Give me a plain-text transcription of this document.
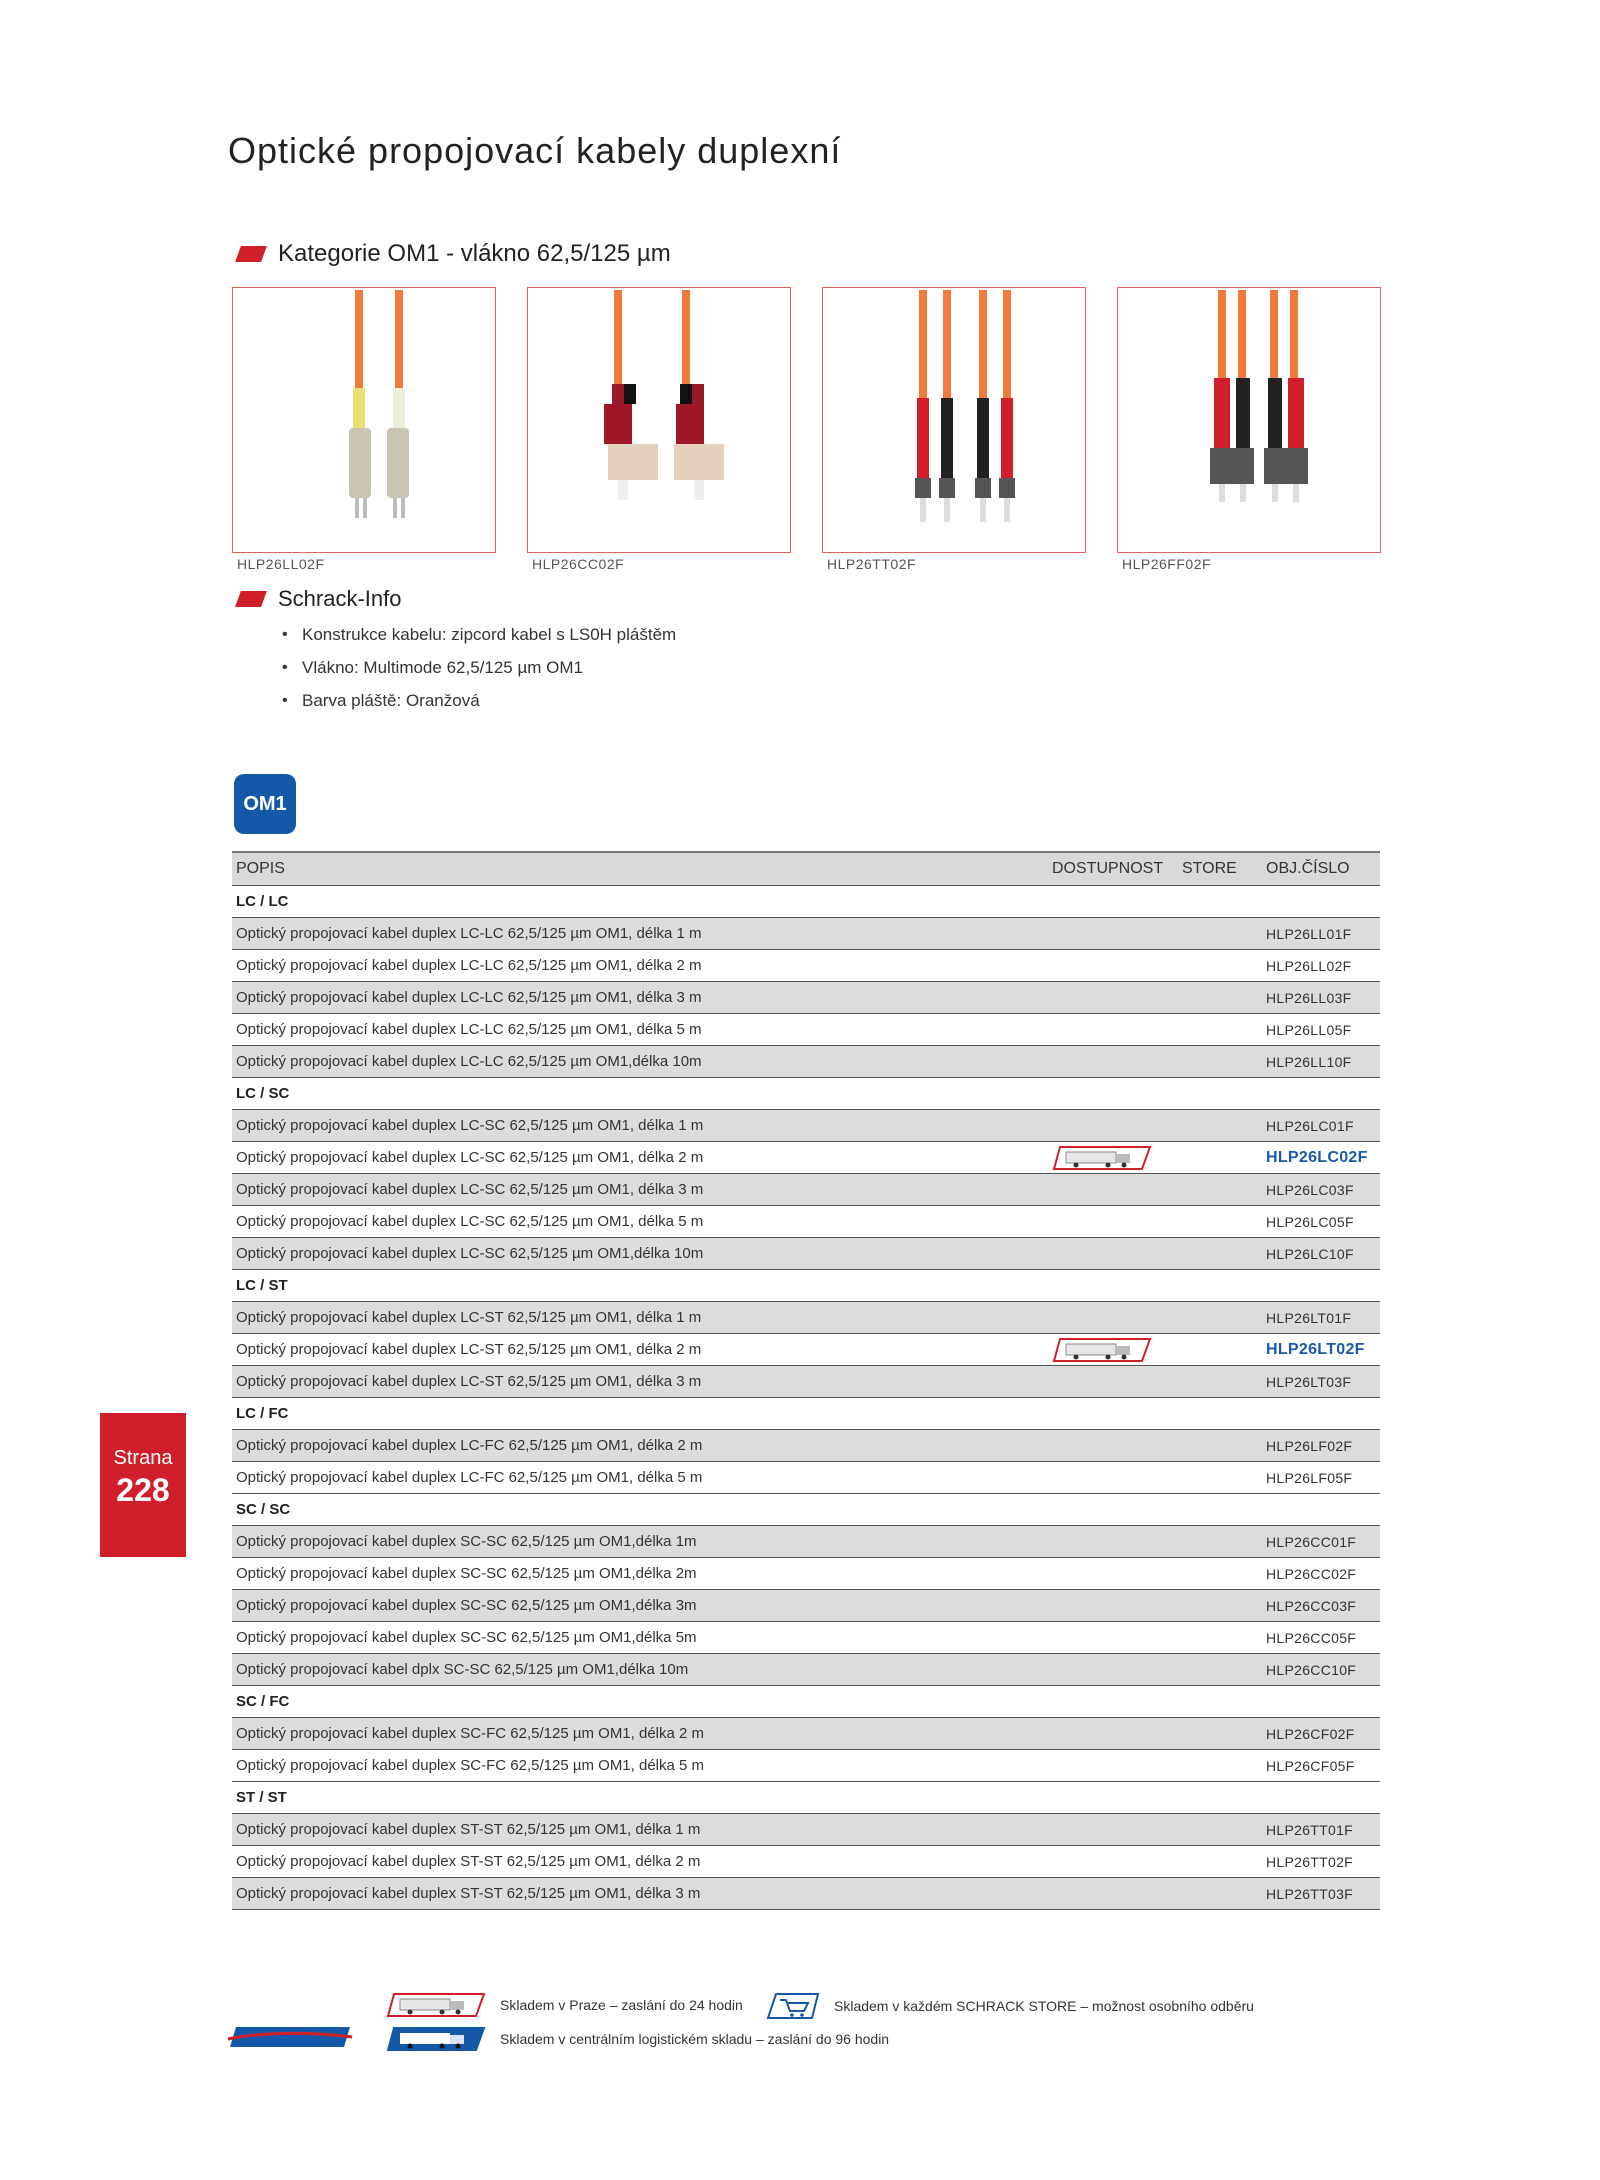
Optické propojovací kabely duplexní
Kategorie OM1 - vlákno 62,5/125 µm
HLP26LL02F	HLP26CC02F	HLP26TT02F	HLP26FF02F
Schrack-Info
• Konstrukce kabelu: zipcord kabel s LS0H pláštěm
• Vlákno: Multimode 62,5/125 µm OM1
• Barva pláště: Oranžová
OM1
POPIS	DOSTUPNOST	STORE	OBJ.ČÍSLO
LC / LC			
Optický propojovací kabel duplex LC-LC 62,5/125 µm OM1, délka 1 m			HLP26LL01F
Optický propojovací kabel duplex LC-LC 62,5/125 µm OM1, délka 2 m			HLP26LL02F
Optický propojovací kabel duplex LC-LC 62,5/125 µm OM1, délka 3 m			HLP26LL03F
Optický propojovací kabel duplex LC-LC 62,5/125 µm OM1, délka 5 m			HLP26LL05F
Optický propojovací kabel duplex LC-LC 62,5/125 µm OM1,délka 10m			HLP26LL10F
LC / SC			
Optický propojovací kabel duplex LC-SC 62,5/125 µm OM1, délka 1 m			HLP26LC01F
Optický propojovací kabel duplex LC-SC 62,5/125 µm OM1, délka 2 m			HLP26LC02F
Optický propojovací kabel duplex LC-SC 62,5/125 µm OM1, délka 3 m			HLP26LC03F
Optický propojovací kabel duplex LC-SC 62,5/125 µm OM1, délka 5 m			HLP26LC05F
Optický propojovací kabel duplex LC-SC 62,5/125 µm OM1,délka 10m			HLP26LC10F
LC / ST			
Optický propojovací kabel duplex LC-ST 62,5/125 µm OM1, délka 1 m			HLP26LT01F
Optický propojovací kabel duplex LC-ST 62,5/125 µm OM1, délka 2 m			HLP26LT02F
Optický propojovací kabel duplex LC-ST 62,5/125 µm OM1, délka 3 m			HLP26LT03F
LC / FC			
Optický propojovací kabel duplex LC-FC 62,5/125 µm OM1, délka 2 m			HLP26LF02F
Optický propojovací kabel duplex LC-FC 62,5/125 µm OM1, délka 5 m			HLP26LF05F
SC / SC			
Optický propojovací kabel duplex SC-SC 62,5/125 µm OM1,délka 1m			HLP26CC01F
Optický propojovací kabel duplex SC-SC 62,5/125 µm OM1,délka 2m			HLP26CC02F
Optický propojovací kabel duplex SC-SC 62,5/125 µm OM1,délka 3m			HLP26CC03F
Optický propojovací kabel duplex SC-SC 62,5/125 µm OM1,délka 5m			HLP26CC05F
Optický propojovací kabel dplx SC-SC 62,5/125 µm OM1,délka 10m			HLP26CC10F
SC / FC			
Optický propojovací kabel duplex SC-FC 62,5/125 µm OM1, délka 2 m			HLP26CF02F
Optický propojovací kabel duplex SC-FC 62,5/125 µm OM1, délka 5 m			HLP26CF05F
ST / ST			
Optický propojovací kabel duplex ST-ST 62,5/125 µm OM1, délka 1 m			HLP26TT01F
Optický propojovací kabel duplex ST-ST 62,5/125 µm OM1, délka 2 m			HLP26TT02F
Optický propojovací kabel duplex ST-ST 62,5/125 µm OM1, délka 3 m			HLP26TT03F
Strana
228
Skladem v Praze – zaslání do 24 hodin	Skladem v každém SCHRACK STORE – možnost osobního odběru
Skladem v centrálním logistickém skladu – zaslání do 96 hodin
